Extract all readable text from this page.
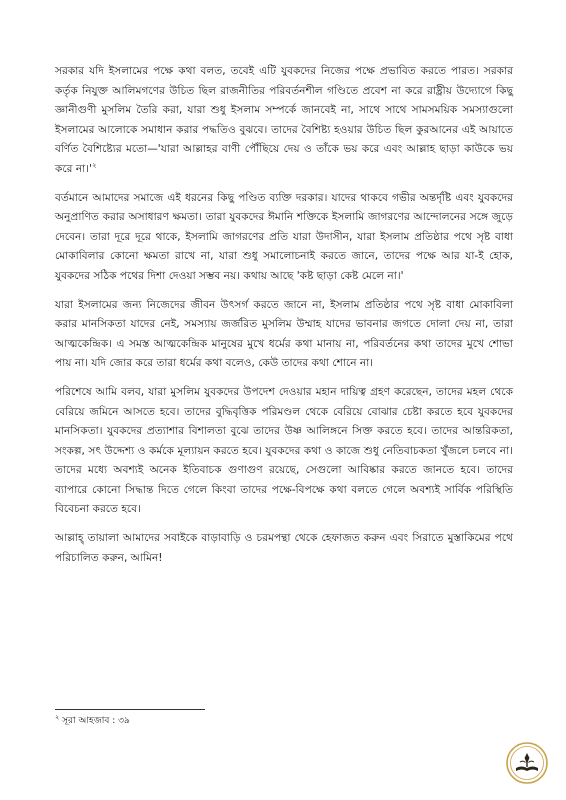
সরকার যদি ইসলামের পক্ষে কথা বলত, তবেই এটি যুবকদের নিজের পক্ষে প্রভাবিত করতে পারত। সরকার কর্তৃক নিযুক্ত আলিমগণের উচিত ছিল রাজনীতির পরিবর্তনশীল গণ্ডিতে প্রবেশ না করে রাষ্ট্রীয় উদ্যোগে কিছু জ্ঞানীগুণী মুসলিম তৈরি করা, যারা শুধু ইসলাম সম্পর্কে জানবেই না, সাথে সাথে সামসময়িক সমস্যাগুলো ইসলামের আলোকে সমাধান করার পদ্ধতিও বুঝবে। তাদের বৈশিষ্ট্য হওয়ার উচিত ছিল কুরআনের এই আয়াতে বর্ণিত বৈশিষ্ট্যের মতো—'যারা আল্লাহর বাণী পৌঁছিয়ে দেয় ও তাঁকে ভয় করে এবং আল্লাহ ছাড়া কাউকে ভয় করে $না।'^২$

বর্তমানে আমাদের সমাজে এই ধরনের কিছু পণ্ডিত ব্যক্তি দরকার। যাদের থাকবে গভীর অন্তর্দৃষ্টি এবং যুবকদের অনুপ্রাণিত করার অসাধারণ ক্ষমতা। তারা যুবকদের ঈমানি শক্তিকে ইসলামি জাগরণের আন্দোলনের সঙ্গে জুড়ে দেবেন। তারা দূরে দূরে থাকে, ইসলামি জাগরণের প্রতি যারা উদাসীন, যারা ইসলাম প্রতিষ্ঠার পথে সৃষ্ট বাধা মোকাবিলার কোনো ক্ষমতা রাখে না, যারা শুধু সমালোচনাই করতে জানে, তাদের পক্ষে আর যা-ই হোক, যুবকদের সঠিক পথের দিশা দেওয়া সম্ভব নয়। কথায় আছে 'কষ্ট ছাড়া কেষ্ট মেলে না।'

যারা ইসলামের জন্য নিজেদের জীবন উৎসর্গ করতে জানে না, ইসলাম প্রতিষ্ঠার পথে সৃষ্ট বাধা মোকাবিলা করার মানসিকতা যাদের নেই, সমস্যায় জর্জরিত মুসলিম উম্মাহ যাদের ভাবনার জগতে দোলা দেয় না, তারা আত্মকেন্দ্রিক। এ সমস্ত আত্মকেন্দ্রিক মানুষের মুখে ধর্মের কথা মানায় না, পরিবর্তনের কথা তাদের মুখে শোভা পায় না। যদি জোর করে তারা ধর্মের কথা বলেও, কেউ তাদের কথা শোনে না।

পরিশেষে আমি বলব, যারা মুসলিম যুবকদের উপদেশ দেওয়ার মহান দায়িত্ব গ্রহণ করেছেন, তাদের মহল থেকে বেরিয়ে জমিনে আসতে হবে। তাদের বুদ্ধিবৃত্তিক পরিমণ্ডল থেকে বেরিয়ে বোঝার চেষ্টা করতে হবে যুবকদের মানসিকতা। যুবকদের প্রত্যাশার বিশালতা বুঝে তাদের উষ্ণ আলিঙ্গনে সিক্ত করতে হবে। তাদের আন্তরিকতা, সংকল্প, সৎ উদ্দেশ্য ও কর্মকে মূল্যায়ন করতে হবে। যুবকদের কথা ও কাজে শুধু নেতিবাচকতা খুঁজলে চলবে না। তাদের মধ্যে অবশ্যই অনেক ইতিবাচক গুণাগুণ রয়েছে, সেগুলো আবিষ্কার করতে জানতে হবে। তাদের ব্যাপারে কোনো সিদ্ধান্ত দিতে গেলে কিংবা তাদের পক্ষে-বিপক্ষে কথা বলতে গেলে অবশ্যই সার্বিক পরিস্থিতি বিবেচনা করতে হবে।

আল্লাহ্ তায়ালা আমাদের সবাইকে বাড়াবাড়ি ও চরমপন্থা থেকে হেফাজত করুন এবং সিরাতে মুস্তাকিমের পথে পরিচালিত করুন, আমিন!

$^২$ সূরা আহজাব : ৩৯
